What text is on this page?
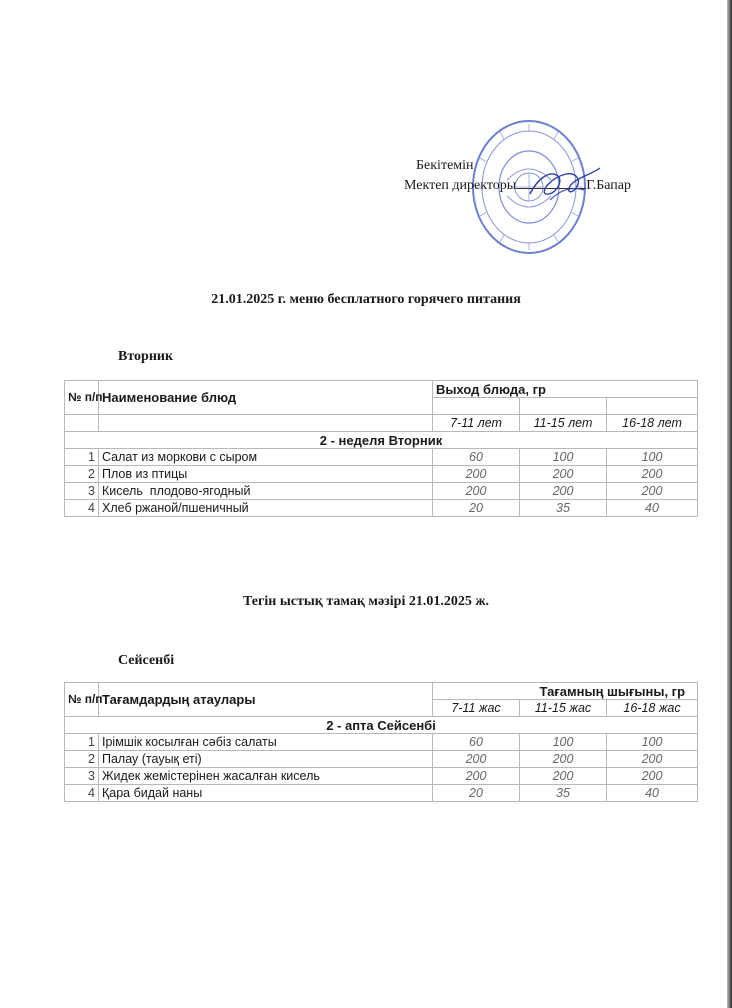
Бекітемін
Мектеп директоры	Г.Бапар
21.01.2025 г. меню бесплатного горячего питания
Вторник
№ п/п	Наименование блюд	Выход блюда, гр		

		7-11 лет	11-15 лет	16-18 лет
2 - неделя Вторник				
1	Салат из моркови с сыром	60	100	100
2	Плов из птицы	200	200	200
3	Кисель  плодово-ягодный	200	200	200
4	Хлеб ржаной/пшеничный	20	35	40
Тегін ыстық тамақ мәзірі 21.01.2025 ж.
Сейсенбі
№ п/п	Тағамдардың атаулары	Тағамның шығыны, гр		
		7-11 жас	11-15 жас	16-18 жас
2 - апта Сейсенбі				
1	Ірімшік косылған сәбіз салаты	60	100	100
2	Палау (тауық еті)	200	200	200
3	Жидек жемістерінен жасалған кисель	200	200	200
4	Қара бидай наны	20	35	40
